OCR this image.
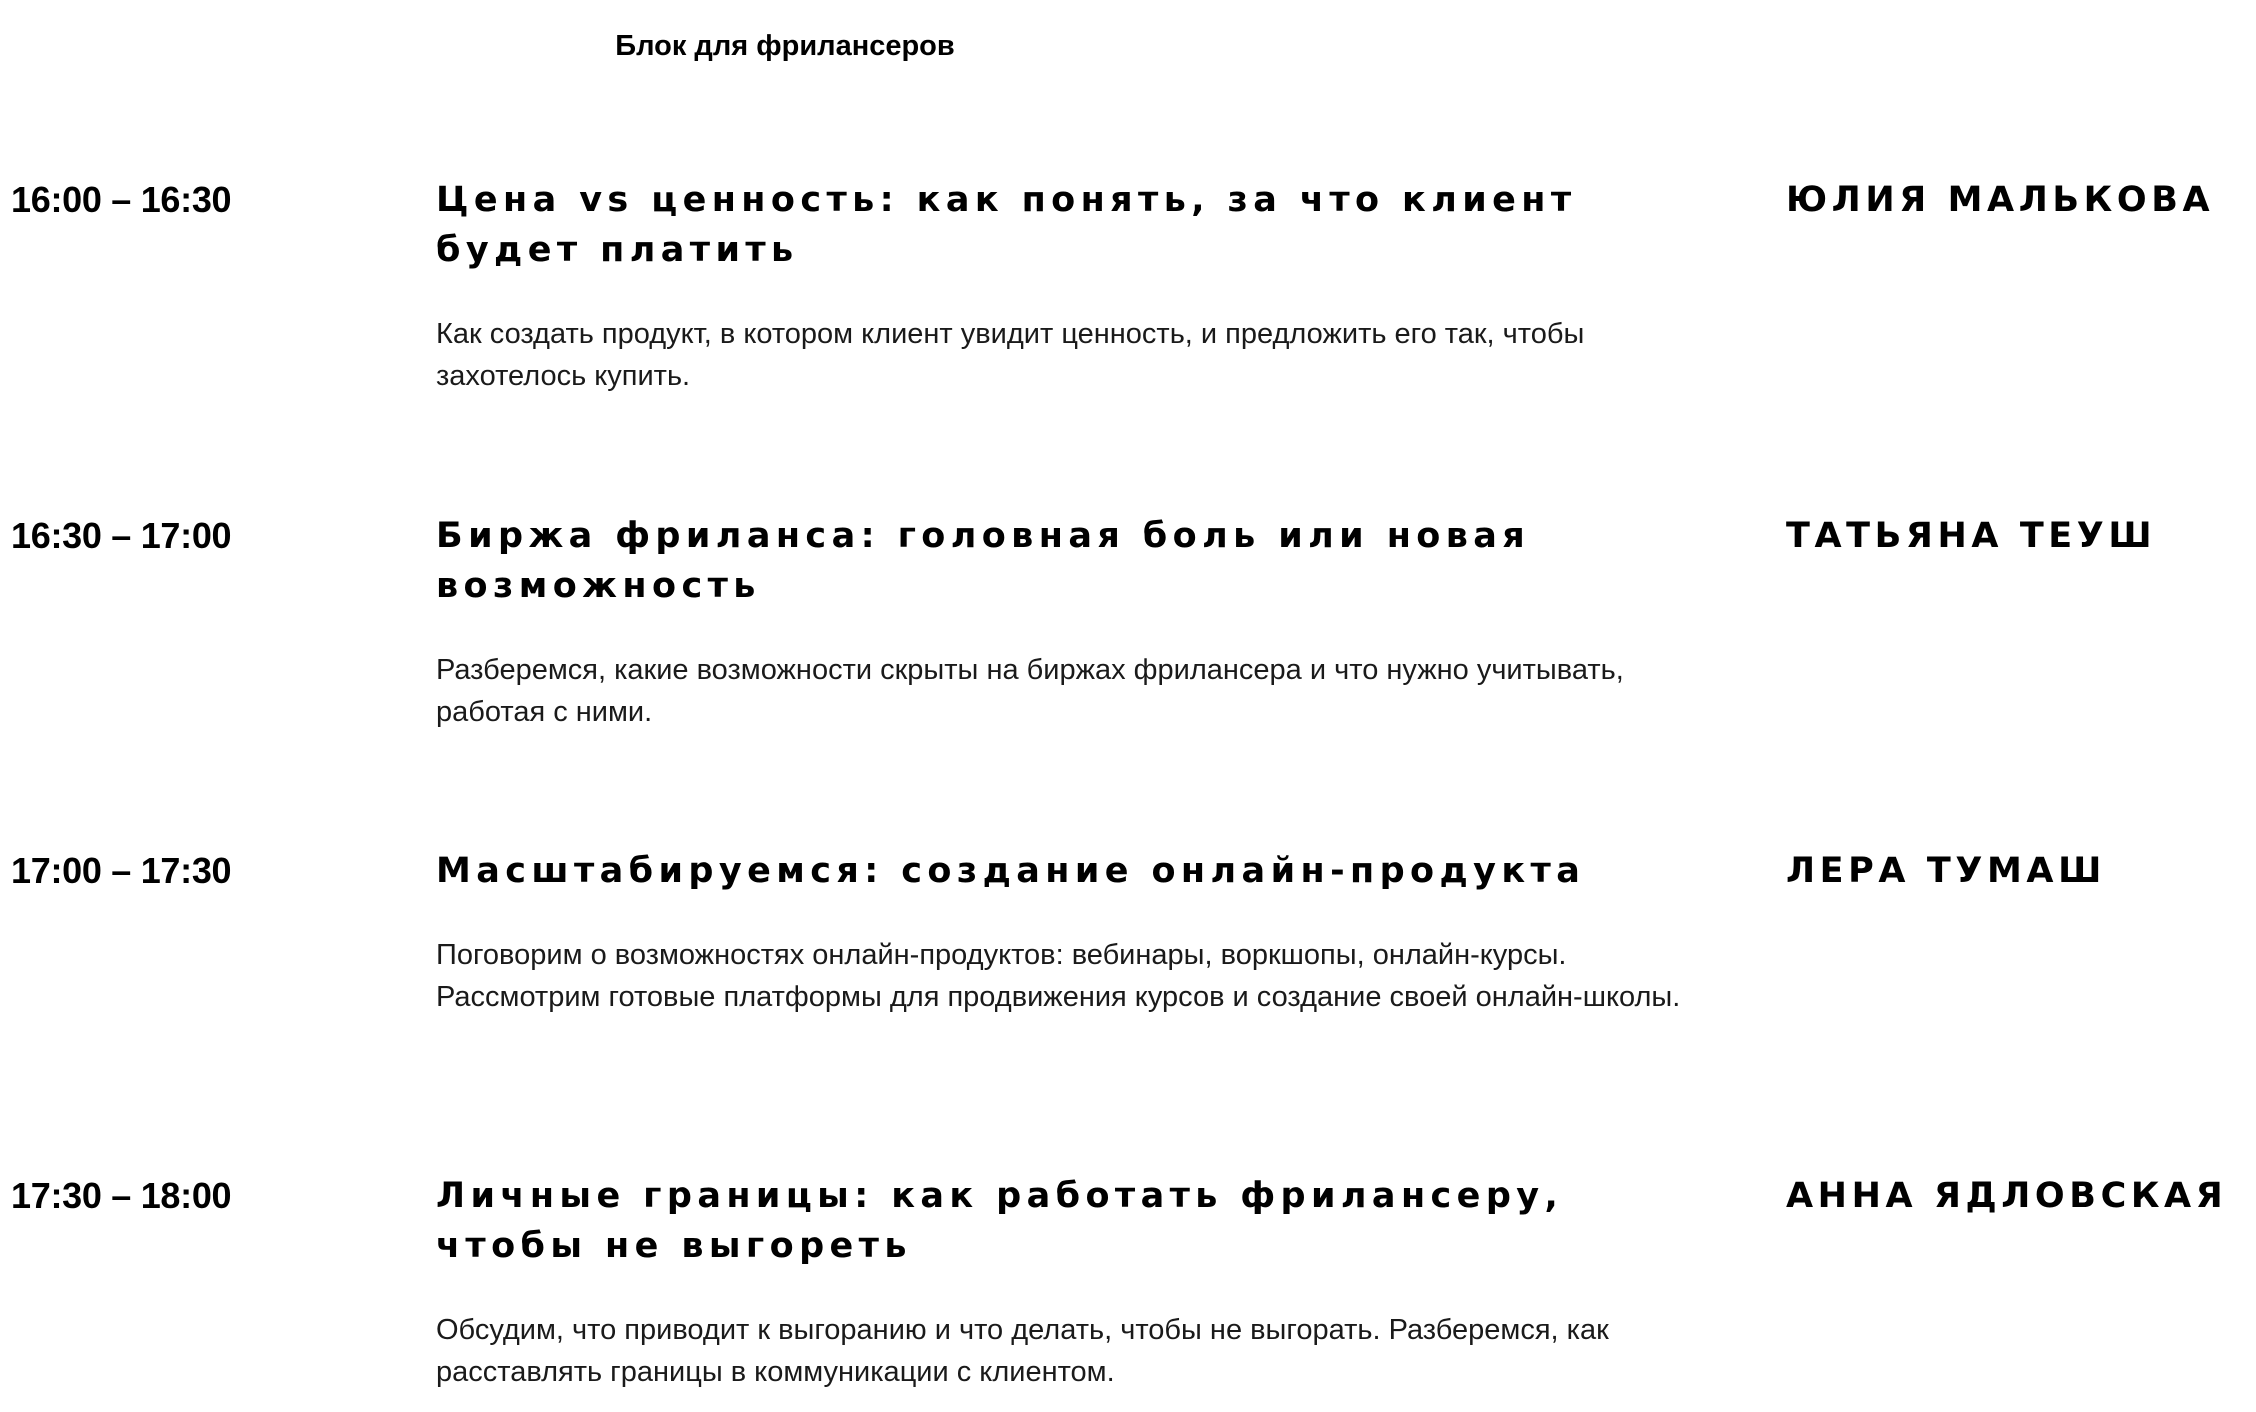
Блок для фрилансеров
16:00 – 16:30	Цена vs ценность: как понять, за что клиент будет платить

Как создать продукт, в котором клиент увидит ценность, и предложить его так, чтобы захотелось купить.

ЮЛИЯ МАЛЬКОВА
16:30 – 17:00	Биржа фриланса: головная боль или новая возможность

Разберемся, какие возможности скрыты на биржах фрилансера и что нужно учитывать, работая с ними.

ТАТЬЯНА ТЕУШ
17:00 – 17:30	Масштабируемся: создание онлайн-продукта

Поговорим о возможностях онлайн-продуктов: вебинары, воркшопы, онлайн-курсы. Рассмотрим готовые платформы для продвижения курсов и создание своей онлайн-школы.

ЛЕРА ТУМАШ
17:30 – 18:00	Личные границы: как работать фрилансеру, чтобы не выгореть

Обсудим, что приводит к выгоранию и что делать, чтобы не выгорать. Разберемся, как расставлять границы в коммуникации с клиентом.

АННА ЯДЛОВСКАЯ
